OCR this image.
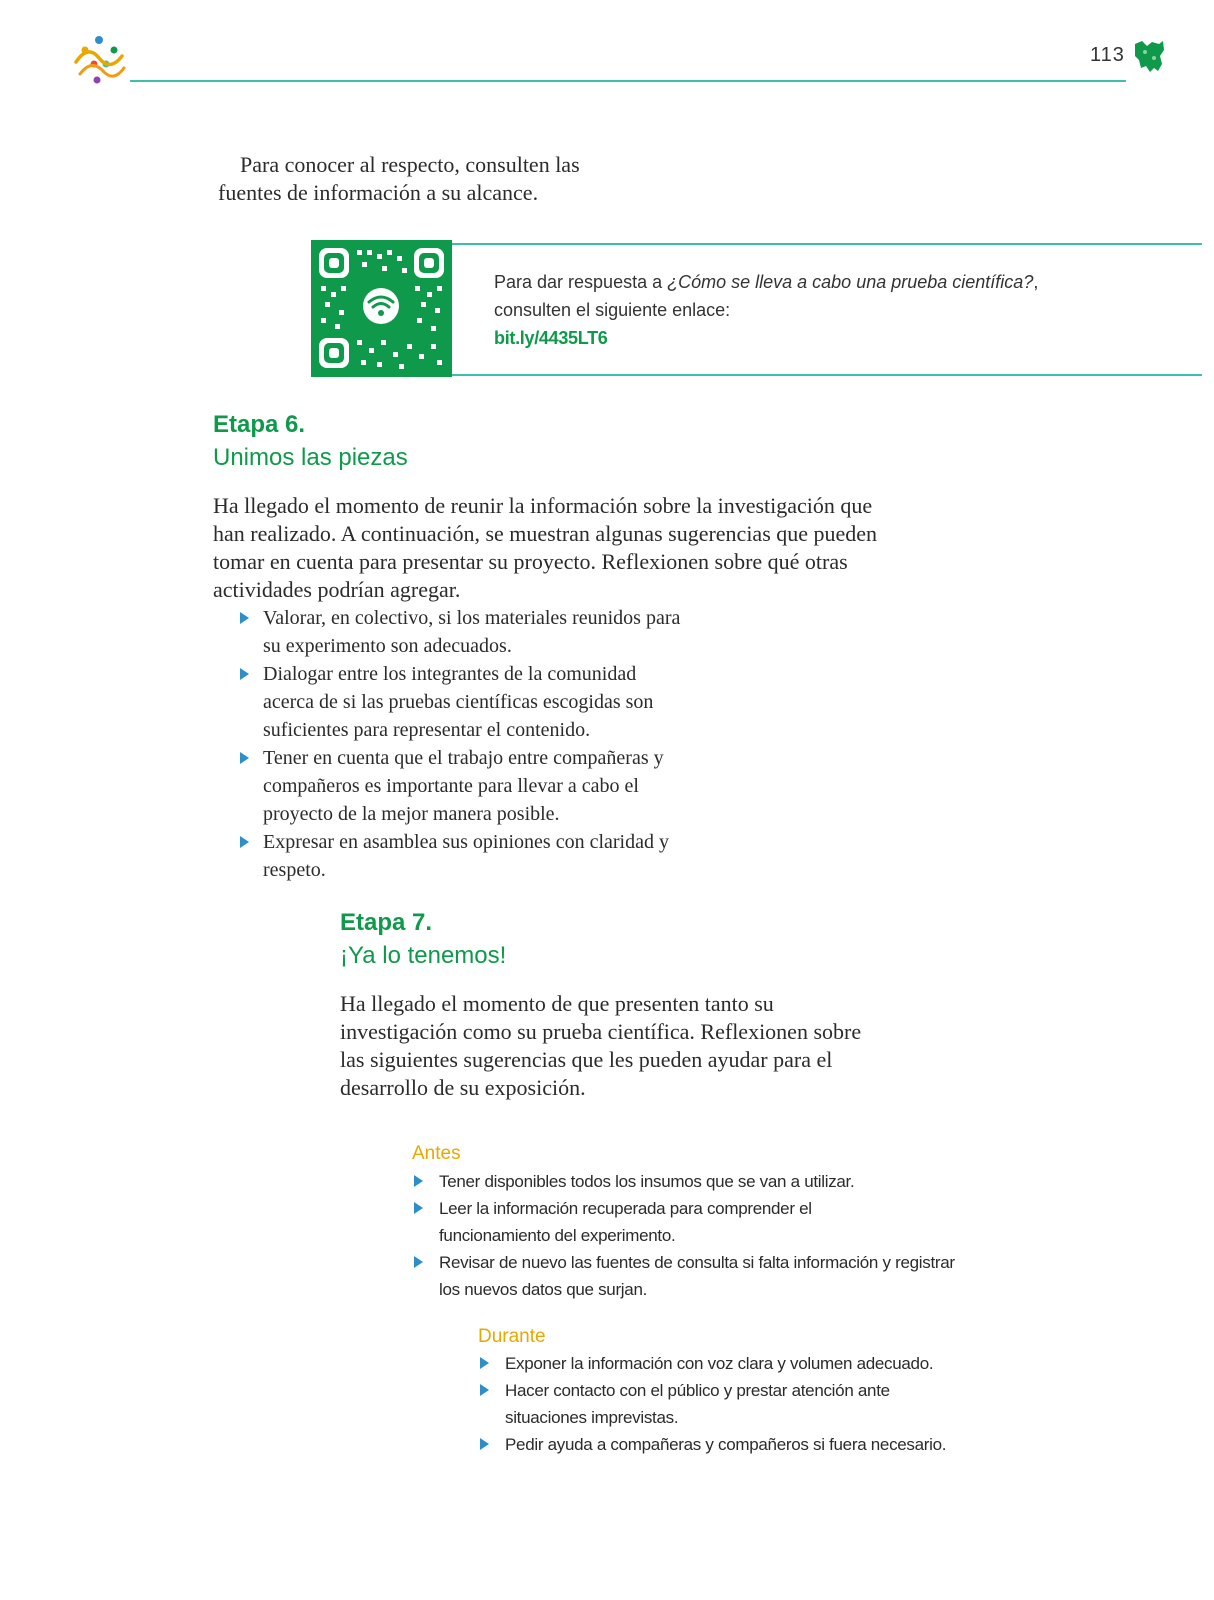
113

Para conocer al respecto, consulten las fuentes de información a su alcance.

Para dar respuesta a ¿Cómo se lleva a cabo una prueba científica?, consulten el siguiente enlace:
bit.ly/4435LT6
Etapa 6.
Unimos las piezas

Ha llegado el momento de reunir la información sobre la investigación que han realizado. A continuación, se muestran algunas sugerencias que pueden tomar en cuenta para presentar su proyecto. Reflexionen sobre qué otras actividades podrían agregar.

Valorar, en colectivo, si los materiales reunidos para su experimento son adecuados.
Dialogar entre los integrantes de la comunidad acerca de si las pruebas científicas escogidas son suficientes para representar el contenido.
Tener en cuenta que el trabajo entre compañeras y compañeros es importante para llevar a cabo el proyecto de la mejor manera posible.
Expresar en asamblea sus opiniones con claridad y respeto.
Etapa 7.
¡Ya lo tenemos!

Ha llegado el momento de que presenten tanto su investigación como su prueba científica. Reflexionen sobre las siguientes sugerencias que les pueden ayudar para el desarrollo de su exposición.

Antes
Tener disponibles todos los insumos que se van a utilizar.
Leer la información recuperada para comprender el funcionamiento del experimento.
Revisar de nuevo las fuentes de consulta si falta información y registrar los nuevos datos que surjan.
Durante
Exponer la información con voz clara y volumen adecuado.
Hacer contacto con el público y prestar atención ante situaciones imprevistas.
Pedir ayuda a compañeras y compañeros si fuera necesario.
